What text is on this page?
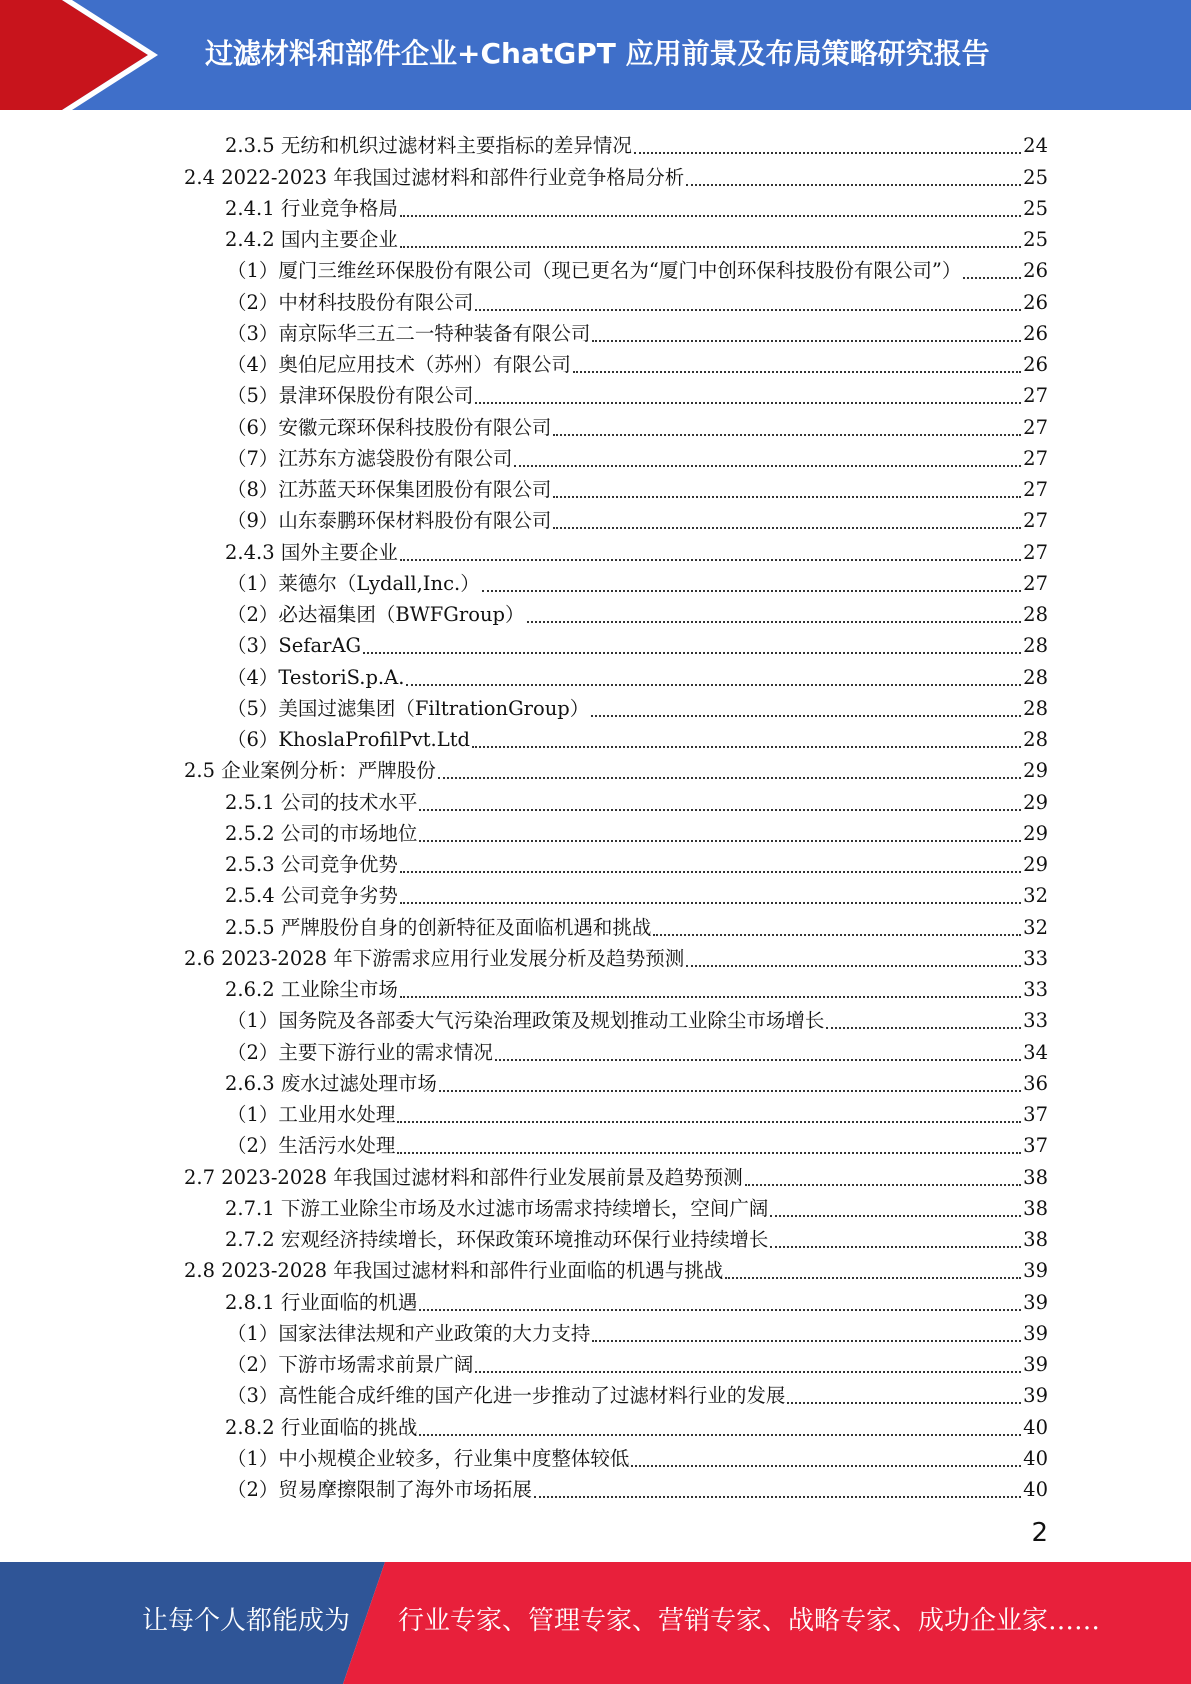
过滤材料和部件企业+ChatGPT 应用前景及布局策略研究报告
2.3.5 无纺和机织过滤材料主要指标的差异情况	24
2.4 2022-2023 年我国过滤材料和部件行业竞争格局分析	25
2.4.1 行业竞争格局	25
2.4.2 国内主要企业	25
（1）厦门三维丝环保股份有限公司（现已更名为“厦门中创环保科技股份有限公司”）	26
（2）中材科技股份有限公司	26
（3）南京际华三五二一特种装备有限公司	26
（4）奥伯尼应用技术（苏州）有限公司	26
（5）景津环保股份有限公司	27
（6）安徽元琛环保科技股份有限公司	27
（7）江苏东方滤袋股份有限公司	27
（8）江苏蓝天环保集团股份有限公司	27
（9）山东泰鹏环保材料股份有限公司	27
2.4.3 国外主要企业	27
（1）莱德尔（Lydall,Inc.）	27
（2）必达福集团（BWFGroup）	28
（3）SefarAG	28
（4）TestoriS.p.A.	28
（5）美国过滤集团（FiltrationGroup）	28
（6）KhoslaProfilPvt.Ltd	28
2.5 企业案例分析：严牌股份	29
2.5.1 公司的技术水平	29
2.5.2 公司的市场地位	29
2.5.3 公司竞争优势	29
2.5.4 公司竞争劣势	32
2.5.5 严牌股份自身的创新特征及面临机遇和挑战	32
2.6 2023-2028 年下游需求应用行业发展分析及趋势预测	33
2.6.2 工业除尘市场	33
（1）国务院及各部委大气污染治理政策及规划推动工业除尘市场增长	33
（2）主要下游行业的需求情况	34
2.6.3 废水过滤处理市场	36
（1）工业用水处理	37
（2）生活污水处理	37
2.7 2023-2028 年我国过滤材料和部件行业发展前景及趋势预测	38
2.7.1 下游工业除尘市场及水过滤市场需求持续增长，空间广阔	38
2.7.2 宏观经济持续增长，环保政策环境推动环保行业持续增长	38
2.8 2023-2028 年我国过滤材料和部件行业面临的机遇与挑战	39
2.8.1 行业面临的机遇	39
（1）国家法律法规和产业政策的大力支持	39
（2）下游市场需求前景广阔	39
（3）高性能合成纤维的国产化进一步推动了过滤材料行业的发展	39
2.8.2 行业面临的挑战	40
（1）中小规模企业较多，行业集中度整体较低	40
（2）贸易摩擦限制了海外市场拓展	40
2
让每个人都能成为 行业专家、管理专家、营销专家、战略专家、成功企业家……
